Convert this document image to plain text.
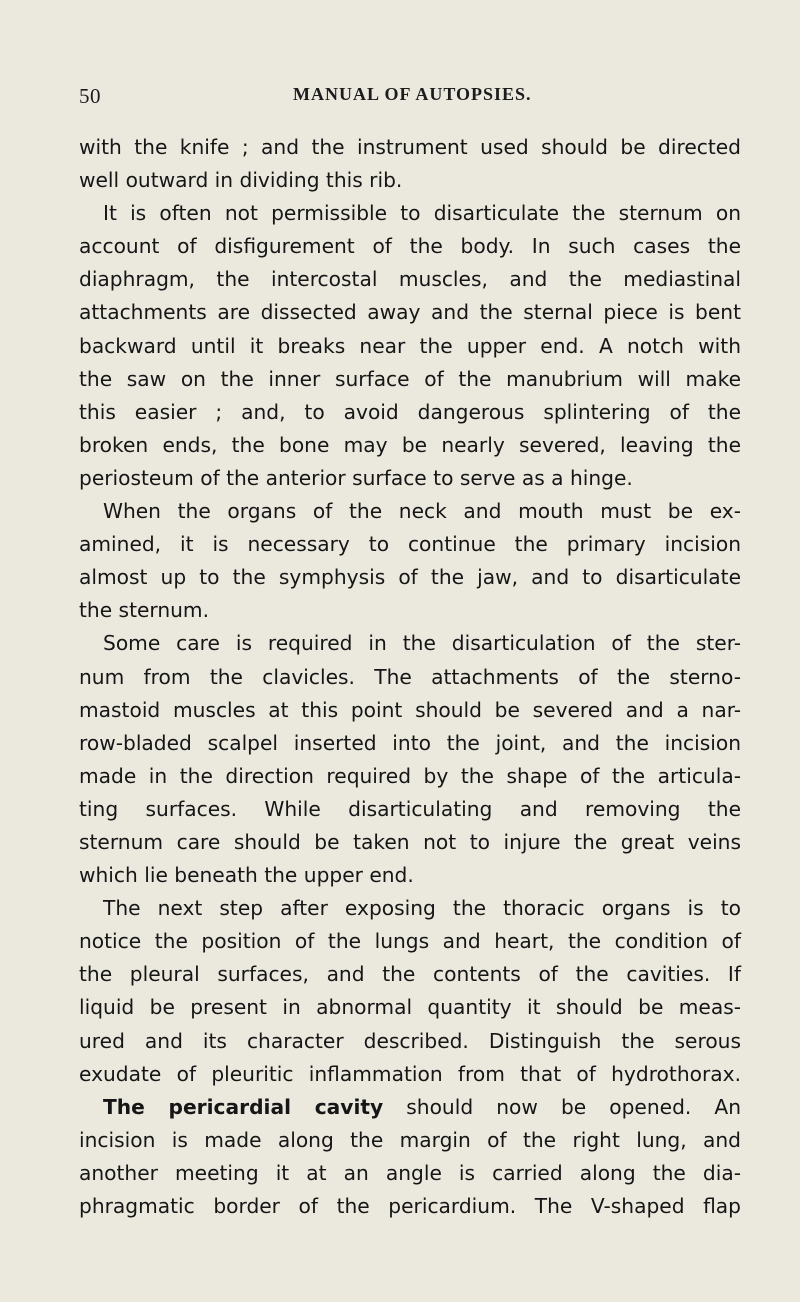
50	MANUAL OF AUTOPSIES.
with the knife ; and the instrument used should be directed
well outward in dividing this rib.
It is often not permissible to disarticulate the sternum on
account of disfigurement of the body. In such cases the
diaphragm, the intercostal muscles, and the mediastinal
attachments are dissected away and the sternal piece is bent
backward until it breaks near the upper end. A notch with
the saw on the inner surface of the manubrium will make
this easier ; and, to avoid dangerous splintering of the
broken ends, the bone may be nearly severed, leaving the
periosteum of the anterior surface to serve as a hinge.
When the organs of the neck and mouth must be ex-
amined, it is necessary to continue the primary incision
almost up to the symphysis of the jaw, and to disarticulate
the sternum.
Some care is required in the disarticulation of the ster-
num from the clavicles. The attachments of the sterno-
mastoid muscles at this point should be severed and a nar-
row-bladed scalpel inserted into the joint, and the incision
made in the direction required by the shape of the articula-
ting surfaces. While disarticulating and removing the
sternum care should be taken not to injure the great veins
which lie beneath the upper end.
The next step after exposing the thoracic organs is to
notice the position of the lungs and heart, the condition of
the pleural surfaces, and the contents of the cavities. If
liquid be present in abnormal quantity it should be meas-
ured and its character described. Distinguish the serous
exudate of pleuritic inflammation from that of hydrothorax.
The pericardial cavity should now be opened. An
incision is made along the margin of the right lung, and
another meeting it at an angle is carried along the dia-
phragmatic border of the pericardium. The V-shaped flap
